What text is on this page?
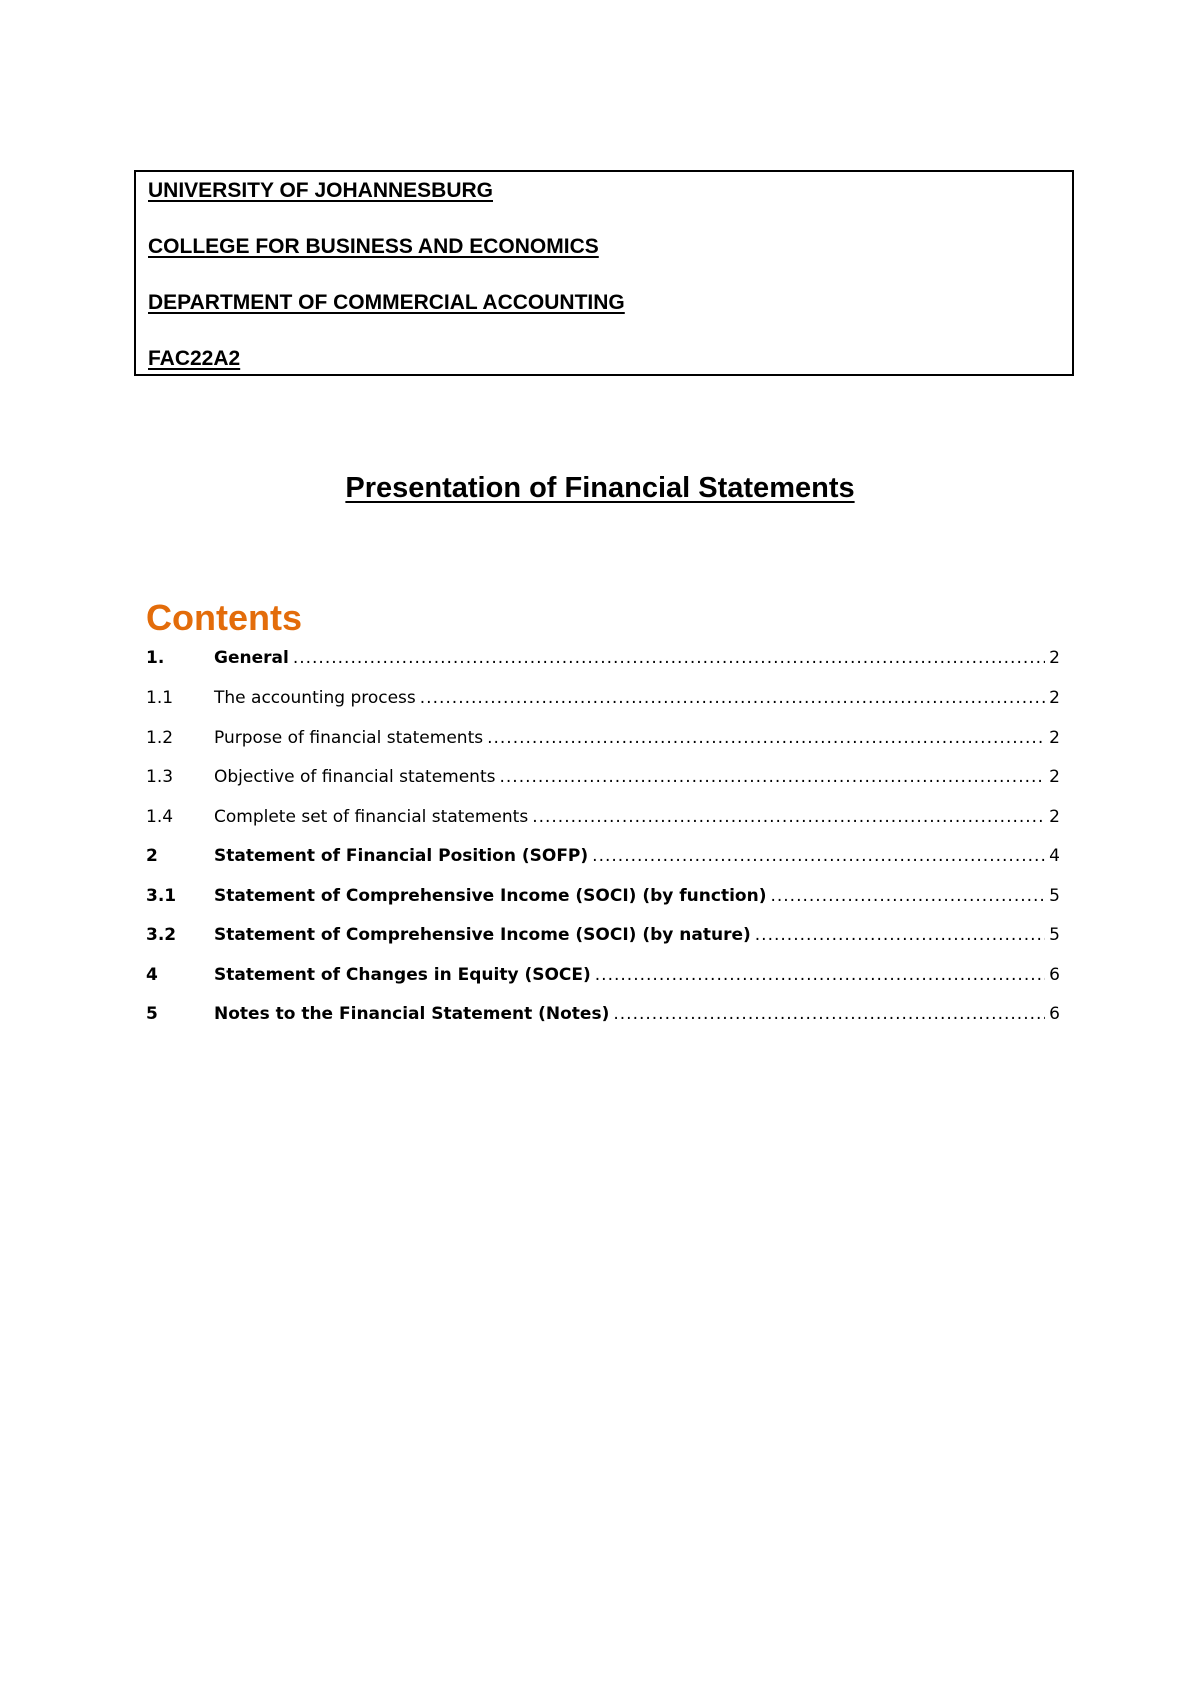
UNIVERSITY OF JOHANNESBURG
COLLEGE FOR BUSINESS AND ECONOMICS
DEPARTMENT OF COMMERCIAL ACCOUNTING
FAC22A2
Presentation of Financial Statements
Contents
1.	General .....	2
1.1	The accounting process .....	2
1.2	Purpose of financial statements .....	2
1.3	Objective of financial statements .....	2
1.4	Complete set of financial statements .....	2
2	Statement of Financial Position (SOFP) .....	4
3.1	Statement of Comprehensive Income (SOCI) (by function) .....	5
3.2	Statement of Comprehensive Income (SOCI) (by nature) .....	5
4	Statement of Changes in Equity (SOCE) .....	6
5	Notes to the Financial Statement (Notes) .....	6
